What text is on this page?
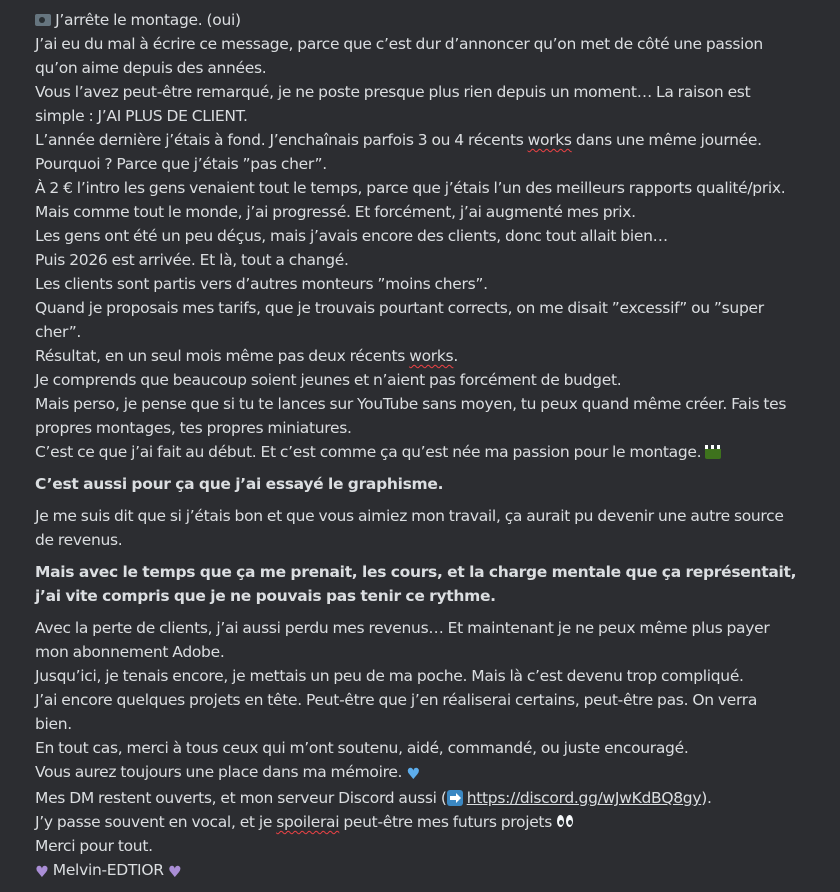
J’arrête le montage. (oui)
J’ai eu du mal à écrire ce message, parce que c’est dur d’annoncer qu’on met de côté une passion
qu’on aime depuis des années.
Vous l’avez peut-être remarqué, je ne poste presque plus rien depuis un moment… La raison est
simple : J’AI PLUS DE CLIENT.
L’année dernière j’étais à fond. J’enchaînais parfois 3 ou 4 récents works dans une même journée.
Pourquoi ? Parce que j’étais ”pas cher”.
À 2 € l’intro les gens venaient tout le temps, parce que j’étais l’un des meilleurs rapports qualité/prix.
Mais comme tout le monde, j’ai progressé. Et forcément, j’ai augmenté mes prix.
Les gens ont été un peu déçus, mais j’avais encore des clients, donc tout allait bien…
Puis 2026 est arrivée. Et là, tout a changé.
Les clients sont partis vers d’autres monteurs ”moins chers”.
Quand je proposais mes tarifs, que je trouvais pourtant corrects, on me disait ”excessif” ou ”super
cher”.
Résultat, en un seul mois même pas deux récents works.
Je comprends que beaucoup soient jeunes et n’aient pas forcément de budget.
Mais perso, je pense que si tu te lances sur YouTube sans moyen, tu peux quand même créer. Fais tes
propres montages, tes propres miniatures.
C’est ce que j’ai fait au début. Et c’est comme ça qu’est née ma passion pour le montage.
C’est aussi pour ça que j’ai essayé le graphisme.
Je me suis dit que si j’étais bon et que vous aimiez mon travail, ça aurait pu devenir une autre source
de revenus.
Mais avec le temps que ça me prenait, les cours, et la charge mentale que ça représentait,
j’ai vite compris que je ne pouvais pas tenir ce rythme.
Avec la perte de clients, j’ai aussi perdu mes revenus… Et maintenant je ne peux même plus payer
mon abonnement Adobe.
Jusqu’ici, je tenais encore, je mettais un peu de ma poche. Mais là c’est devenu trop compliqué.
J’ai encore quelques projets en tête. Peut-être que j’en réaliserai certains, peut-être pas. On verra
bien.
En tout cas, merci à tous ceux qui m’ont soutenu, aidé, commandé, ou juste encouragé.
Vous aurez toujours une place dans ma mémoire. ♥
Mes DM restent ouverts, et mon serveur Discord aussi ( https://discord.gg/wJwKdBQ8gy).
J’y passe souvent en vocal, et je spoilerai peut-être mes futurs projets
Merci pour tout.
♥ Melvin-EDTIOR ♥
